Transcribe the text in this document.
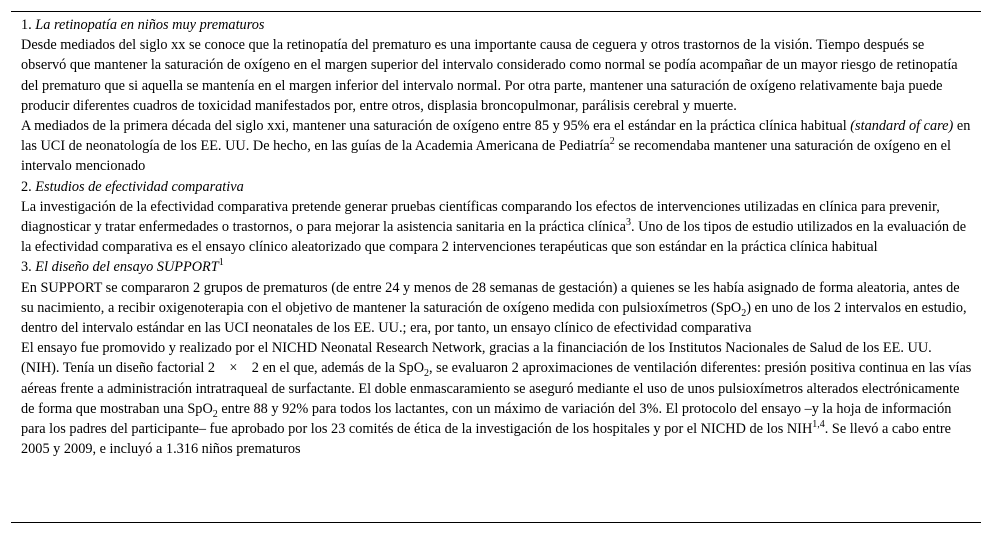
1. La retinopatía en niños muy prematuros

Desde mediados del siglo xx se conoce que la retinopatía del prematuro es una importante causa de ceguera y otros trastornos de la visión. Tiempo después se observó que mantener la saturación de oxígeno en el margen superior del intervalo considerado como normal se podía acompañar de un mayor riesgo de retinopatía del prematuro que si aquella se mantenía en el margen inferior del intervalo normal. Por otra parte, mantener una saturación de oxígeno relativamente baja puede producir diferentes cuadros de toxicidad manifestados por, entre otros, displasia broncopulmonar, parálisis cerebral y muerte.

A mediados de la primera década del siglo xxi, mantener una saturación de oxígeno entre 85 y 95% era el estándar en la práctica clínica habitual (standard of care) en las UCI de neonatología de los EE. UU. De hecho, en las guías de la Academia Americana de Pediatría$^2$ se recomendaba mantener una saturación de oxígeno en el intervalo mencionado

2. Estudios de efectividad comparativa

La investigación de la efectividad comparativa pretende generar pruebas científicas comparando los efectos de intervenciones utilizadas en clínica para prevenir, diagnosticar y tratar enfermedades o trastornos, o para mejorar la asistencia sanitaria en la práctica clínica$^3$. Uno de los tipos de estudio utilizados en la evaluación de la efectividad comparativa es el ensayo clínico aleatorizado que compara 2 intervenciones terapéuticas que son estándar en la práctica clínica habitual

3. El diseño del ensayo SUPPORT$^1$

En SUPPORT se compararon 2 grupos de prematuros (de entre 24 y menos de 28 semanas de gestación) a quienes se les había asignado de forma aleatoria, antes de su nacimiento, a recibir oxigenoterapia con el objetivo de mantener la saturación de oxígeno medida con pulsioxímetros (SpO$_2$) en uno de los 2 intervalos en estudio, dentro del intervalo estándar en las UCI neonatales de los EE. UU.; era, por tanto, un ensayo clínico de efectividad comparativa

El ensayo fue promovido y realizado por el NICHD Neonatal Research Network, gracias a la financiación de los Institutos Nacionales de Salud de los EE. UU. (NIH). Tenía un diseño factorial 2    ×    2 en el que, además de la SpO$_2$, se evaluaron 2 aproximaciones de ventilación diferentes: presión positiva continua en las vías aéreas frente a administración intratraqueal de surfactante. El doble enmascaramiento se aseguró mediante el uso de unos pulsioxímetros alterados electrónicamente de forma que mostraban una SpO$_2$ entre 88 y 92% para todos los lactantes, con un máximo de variación del 3%. El protocolo del ensayo –y la hoja de información para los padres del participante– fue aprobado por los 23 comités de ética de la investigación de los hospitales y por el NICHD de los NIH$^{1,4}$. Se llevó a cabo entre 2005 y 2009, e incluyó a 1.316 niños prematuros
